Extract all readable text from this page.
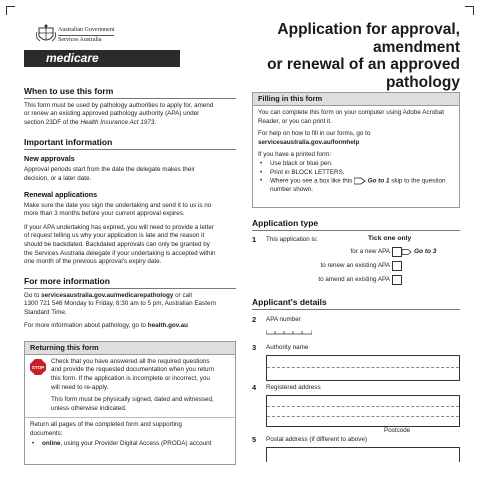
Australian Government
Services Australia
medicare
Application for approval, amendment
or renewal of an approved pathology
When to use this form
This form must be used by pathology authorities to apply for, amend
or renew an existing approved pathology authority (APA) under
section 23DF of the Health Insurance Act 1973.
Important information
New approvals
Approval periods start from the date the delegate makes their
decision, or a later date.
Renewal applications
Make sure the date you sign the undertaking and send it to us is no
more than 3 months before your current approval expires.
If your APA undertaking has expired, you will need to provide a letter
of request telling us why your application is late and the reason it
should be backdated. Backdated approvals can only be granted by
the Services Australia delegate if your undertaking is accepted within
one month of the previous approval's expiry date.
For more information
Go to servicesaustralia.gov.au/medicarepathology or call
1300 721 546 Monday to Friday, 8:30 am to 5 pm, Australian Eastern
Standard Time.
For more information about pathology, go to health.gov.au
Returning this form
STOP
Check that you have answered all the required questions
and provide the requested documentation when you return
this form. If the application is incomplete or incorrect, you
will need to re-apply.
This form must be physically signed, dated and witnessed,
unless otherwise indicated.
Return all pages of the completed form and supporting
documents:
• online, using your Provider Digital Access (PRODA) account
Filling in this form
You can complete this form on your computer using Adobe Acrobat
Reader, or you can print it.
For help on how to fill in our forms, go to
servicesaustralia.gov.au/formhelp
If you have a printed form:
• Use black or blue pen.
• Print in BLOCK LETTERS.
• Where you see a box like this Go to 1 skip to the question
number shown.
Application type
1 This application is:	Tick one only
for a new APA	Go to 3
to renew an existing APA
to amend an existing APA
Applicant's details
2 APA number
3 Authority name
4 Registered address
Postcode
5 Postal address (if different to above)
